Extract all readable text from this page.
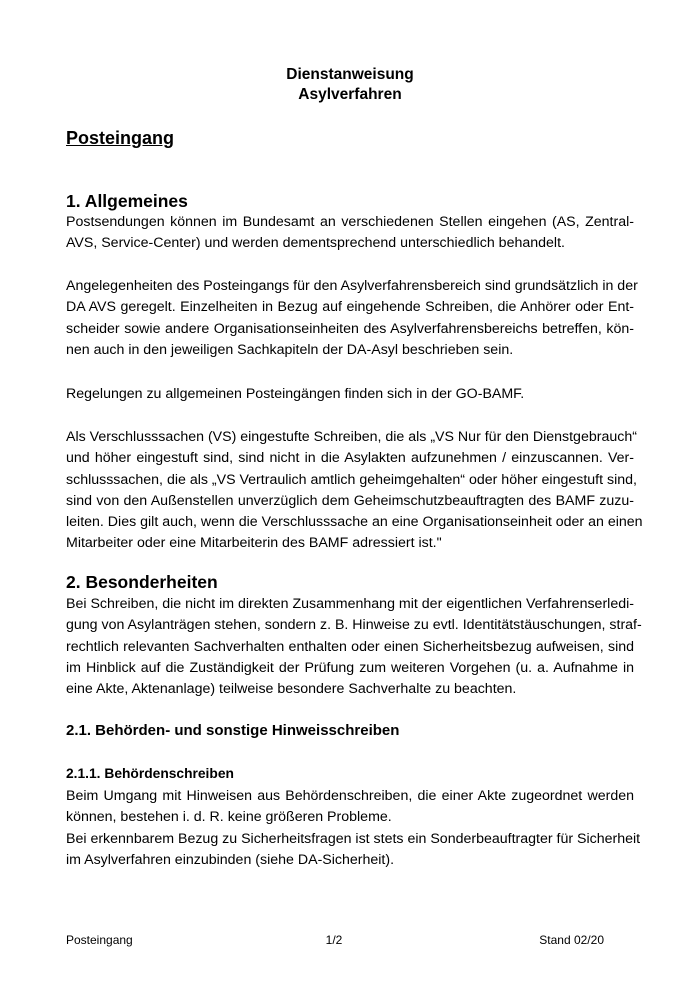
Dienstanweisung
Asylverfahren
Posteingang
1. Allgemeines
Postsendungen können im Bundesamt an verschiedenen Stellen eingehen (AS, Zentral-
AVS, Service-Center) und werden dementsprechend unterschiedlich behandelt.
Angelegenheiten des Posteingangs für den Asylverfahrensbereich sind grundsätzlich in der
DA AVS geregelt. Einzelheiten in Bezug auf eingehende Schreiben, die Anhörer oder Ent-
scheider sowie andere Organisationseinheiten des Asylverfahrensbereichs betreffen, kön-
nen auch in den jeweiligen Sachkapiteln der DA-Asyl beschrieben sein.
Regelungen zu allgemeinen Posteingängen finden sich in der GO-BAMF.
Als Verschlusssachen (VS) eingestufte Schreiben, die als „VS Nur für den Dienstgebrauch“
und höher eingestuft sind, sind nicht in die Asylakten aufzunehmen / einzuscannen. Ver-
schlusssachen, die als „VS Vertraulich amtlich geheimgehalten“ oder höher eingestuft sind,
sind von den Außenstellen unverzüglich dem Geheimschutzbeauftragten des BAMF zuzu-
leiten. Dies gilt auch, wenn die Verschlusssache an eine Organisationseinheit oder an einen
Mitarbeiter oder eine Mitarbeiterin des BAMF adressiert ist."
2. Besonderheiten
Bei Schreiben, die nicht im direkten Zusammenhang mit der eigentlichen Verfahrenserledi-
gung von Asylanträgen stehen, sondern z. B. Hinweise zu evtl. Identitätstäuschungen, straf-
rechtlich relevanten Sachverhalten enthalten oder einen Sicherheitsbezug aufweisen, sind
im Hinblick auf die Zuständigkeit der Prüfung zum weiteren Vorgehen (u. a. Aufnahme in
eine Akte, Aktenanlage) teilweise besondere Sachverhalte zu beachten.
2.1. Behörden- und sonstige Hinweisschreiben
2.1.1. Behördenschreiben
Beim Umgang mit Hinweisen aus Behördenschreiben, die einer Akte zugeordnet werden
können, bestehen i. d. R. keine größeren Probleme.
Bei erkennbarem Bezug zu Sicherheitsfragen ist stets ein Sonderbeauftragter für Sicherheit
im Asylverfahren einzubinden (siehe DA-Sicherheit).
Posteingang	1/2	Stand 02/20
